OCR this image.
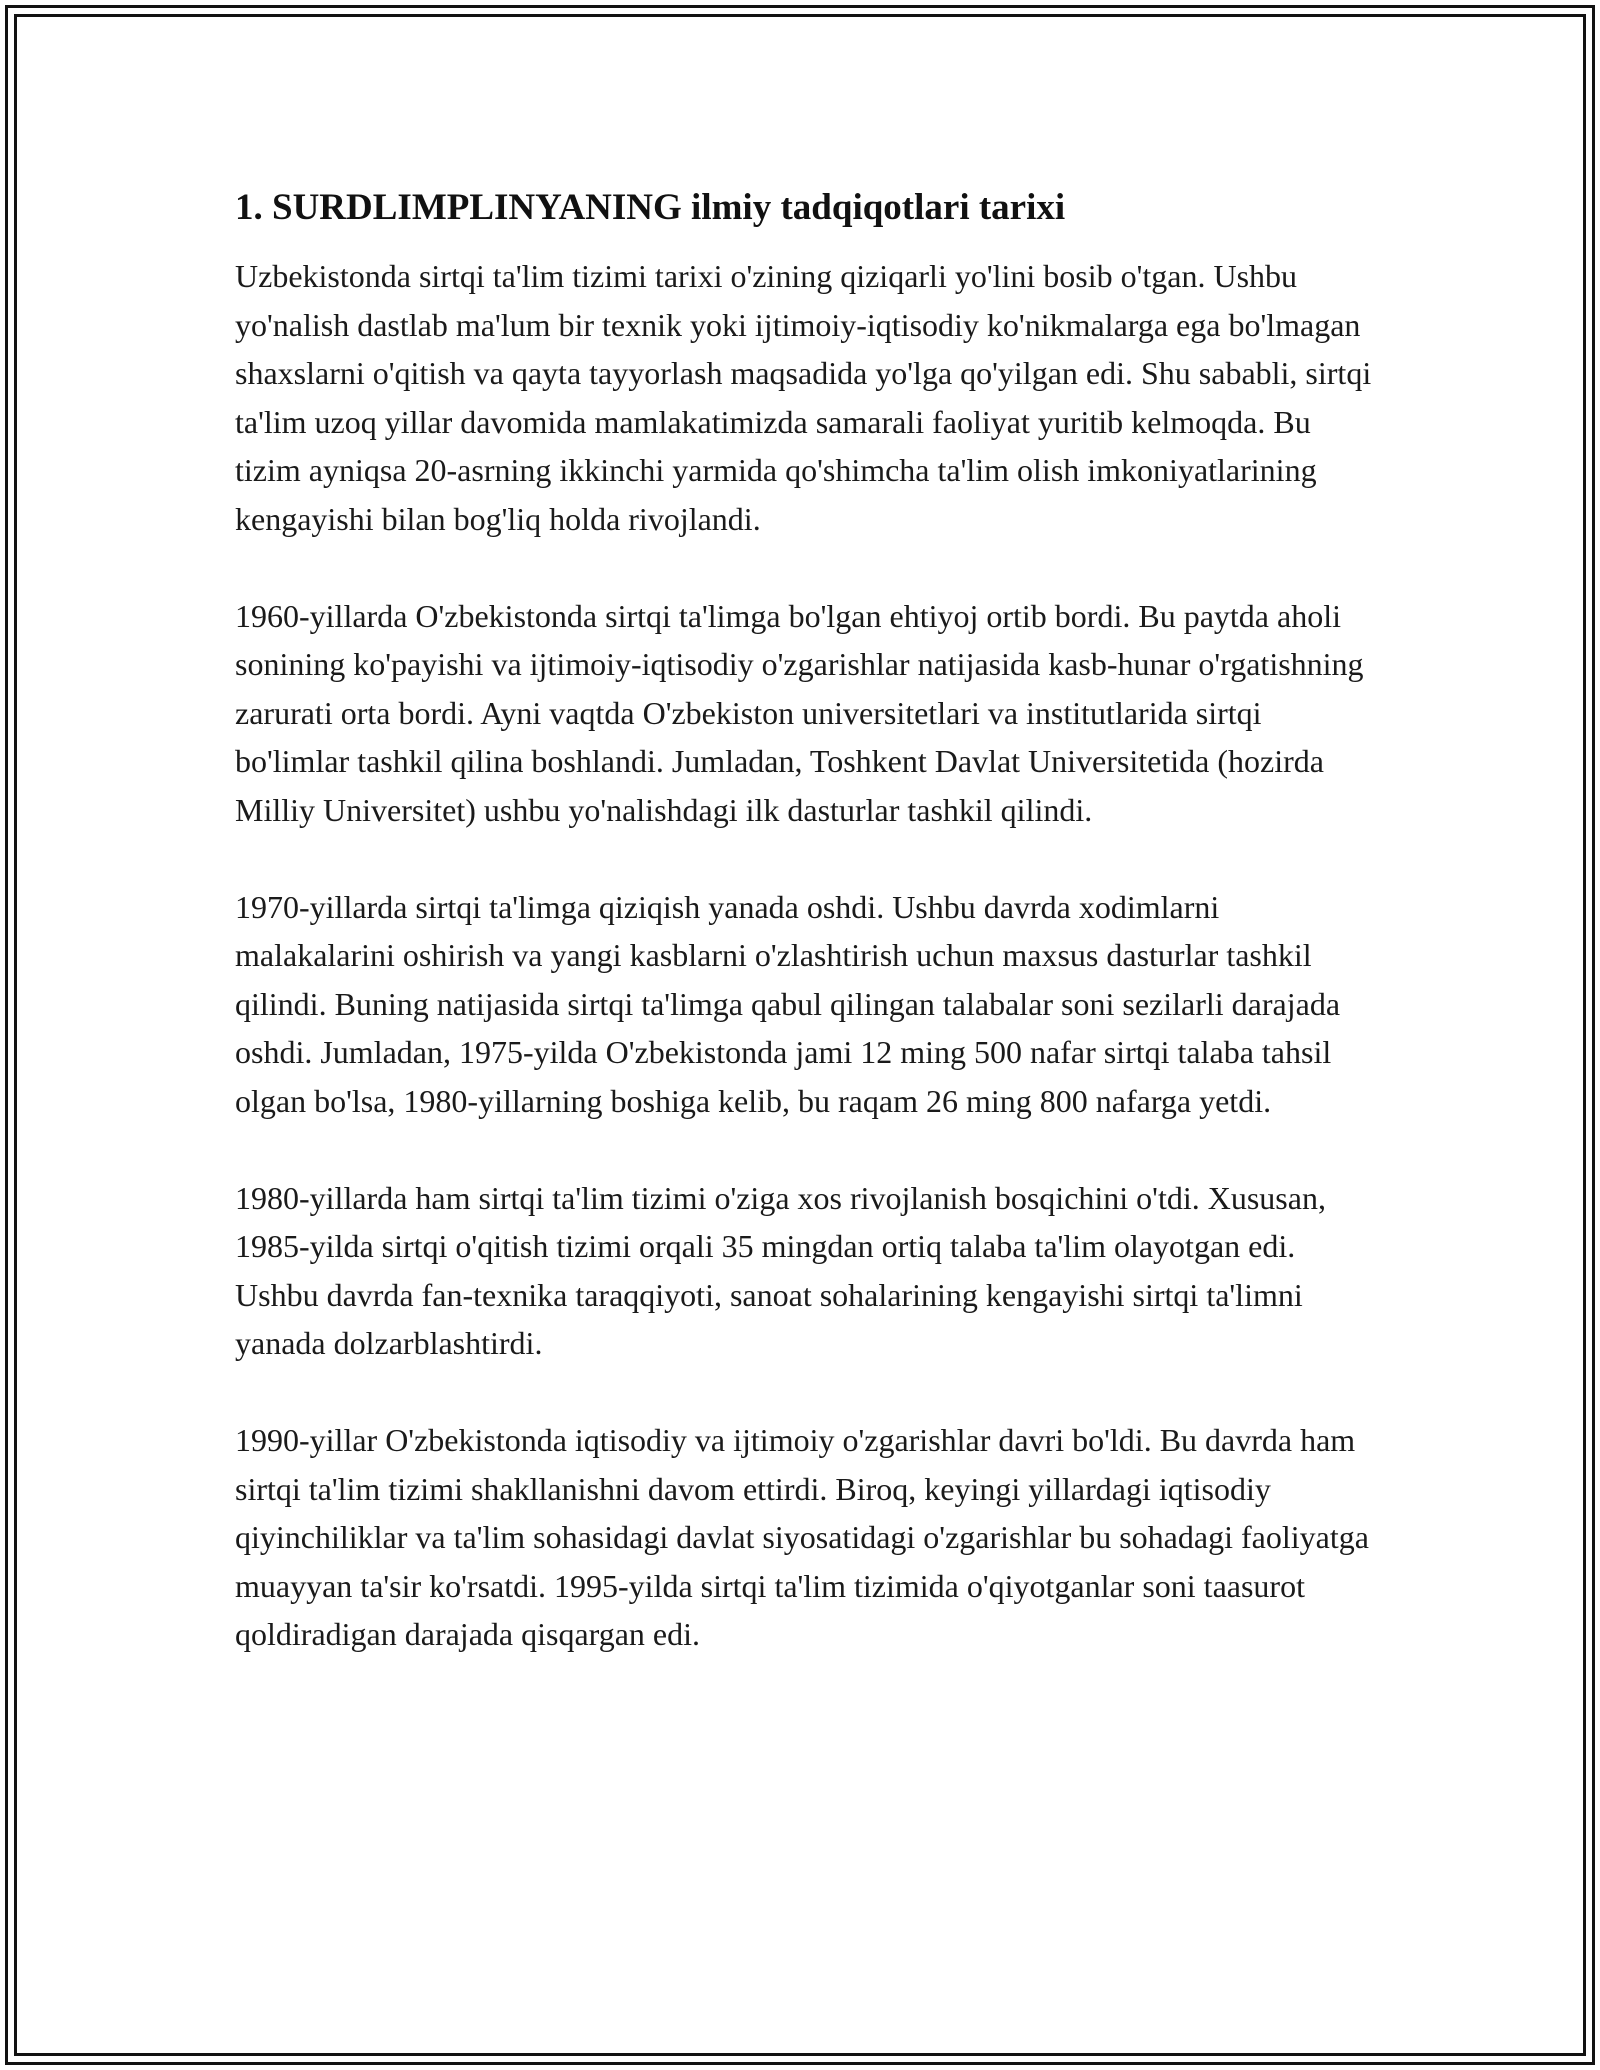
1. SURDLIMPLINYANING ilmiy tadqiqotlari tarixi

Uzbekistonda sirtqi ta'lim tizimi tarixi o'zining qiziqarli yo'lini bosib o'tgan. Ushbu yo'nalish dastlab ma'lum bir texnik yoki ijtimoiy-iqtisodiy ko'nikmalarga ega bo'lmagan shaxslarni o'qitish va qayta tayyorlash maqsadida yo'lga qo'yilgan edi. Shu sababli, sirtqi ta'lim uzoq yillar davomida mamlakatimizda samarali faoliyat yuritib kelmoqda. Bu tizim ayniqsa 20-asrning ikkinchi yarmida qo'shimcha ta'lim olish imkoniyatlarining kengayishi bilan bog'liq holda rivojlandi.

1960-yillarda O'zbekistonda sirtqi ta'limga bo'lgan ehtiyoj ortib bordi. Bu paytda aholi sonining ko'payishi va ijtimoiy-iqtisodiy o'zgarishlar natijasida kasb-hunar o'rgatishning zarurati orta bordi. Ayni vaqtda O'zbekiston universitetlari va institutlarida sirtqi bo'limlar tashkil qilina boshlandi. Jumladan, Toshkent Davlat Universitetida (hozirda Milliy Universitet) ushbu yo'nalishdagi ilk dasturlar tashkil qilindi.

1970-yillarda sirtqi ta'limga qiziqish yanada oshdi. Ushbu davrda xodimlarni malakalarini oshirish va yangi kasblarni o'zlashtirish uchun maxsus dasturlar tashkil qilindi. Buning natijasida sirtqi ta'limga qabul qilingan talabalar soni sezilarli darajada oshdi. Jumladan, 1975-yilda O'zbekistonda jami 12 ming 500 nafar sirtqi talaba tahsil olgan bo'lsa, 1980-yillarning boshiga kelib, bu raqam 26 ming 800 nafarga yetdi.

1980-yillarda ham sirtqi ta'lim tizimi o'ziga xos rivojlanish bosqichini o'tdi. Xususan, 1985-yilda sirtqi o'qitish tizimi orqali 35 mingdan ortiq talaba ta'lim olayotgan edi. Ushbu davrda fan-texnika taraqqiyoti, sanoat sohalarining kengayishi sirtqi ta'limni yanada dolzarblashtirdi.

1990-yillar O'zbekistonda iqtisodiy va ijtimoiy o'zgarishlar davri bo'ldi. Bu davrda ham sirtqi ta'lim tizimi shakllanishni davom ettirdi. Biroq, keyingi yillardagi iqtisodiy qiyinchiliklar va ta'lim sohasidagi davlat siyosatidagi o'zgarishlar bu sohadagi faoliyatga muayyan ta'sir ko'rsatdi. 1995-yilda sirtqi ta'lim tizimida o'qiyotganlar soni taasurot qoldiradigan darajada qisqargan edi.
